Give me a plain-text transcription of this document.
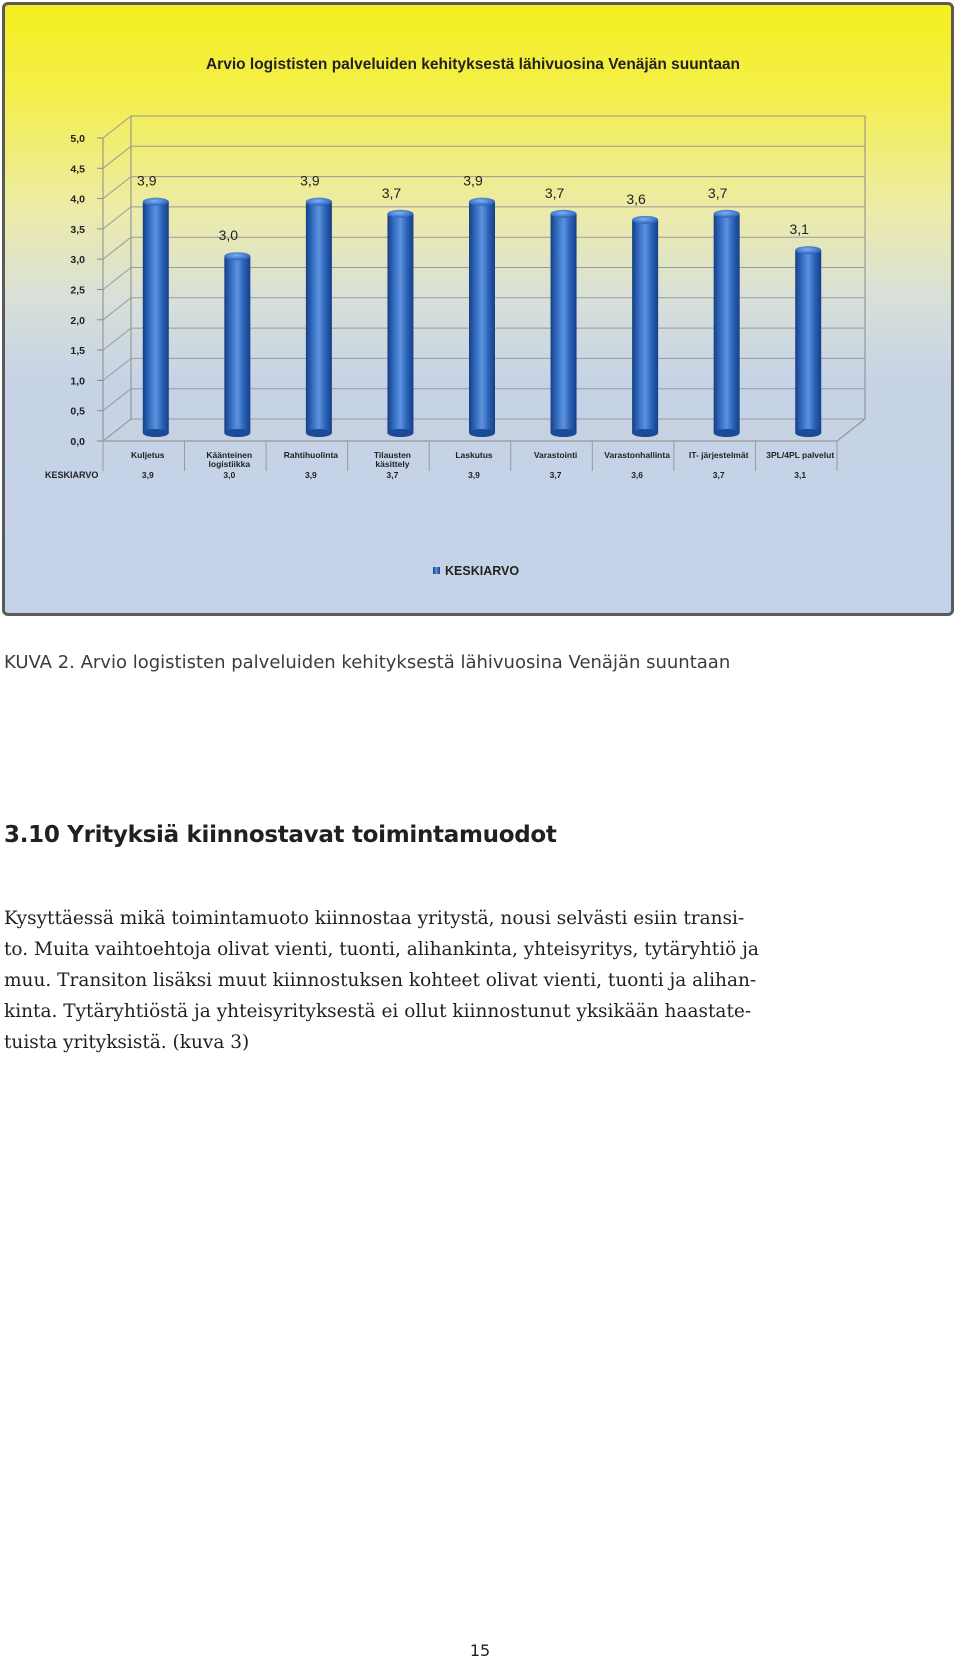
Arvio logististen palveluiden kehityksestä lähivuosina Venäjän suuntaan
0,0
0,5
1,0
1,5
2,0
2,5
3,0
3,5
4,0
4,5
5,0
3,9
3,0
3,9
3,7
3,9
3,7	3,6	3,7
3,1
KESKIARVO
Kuljetus
3,9
Käänteinen
logistiikka
3,0
Rahtihuolinta
3,9
Tilausten
käsittely
3,7
Laskutus
3,9
Varastointi
3,7
Varastonhallinta
3,6
IT- järjestelmät
3,7
3PL/4PL palvelut
3,1
KESKIARVO
KUVA 2. Arvio logististen palveluiden kehityksestä lähivuosina Venäjän suuntaan
3.10 Yrityksiä kiinnostavat toimintamuodot
Kysyttäessä mikä toimintamuoto kiinnostaa yritystä, nousi selvästi esiin transi-
to. Muita vaihtoehtoja olivat vienti, tuonti, alihankinta, yhteisyritys, tytäryhtiö ja
muu. Transiton lisäksi muut kiinnostuksen kohteet olivat vienti, tuonti ja alihan-
kinta. Tytäryhtiöstä ja yhteisyrityksestä ei ollut kiinnostunut yksikään haastate-
tuista yrityksistä. (kuva 3)
15
